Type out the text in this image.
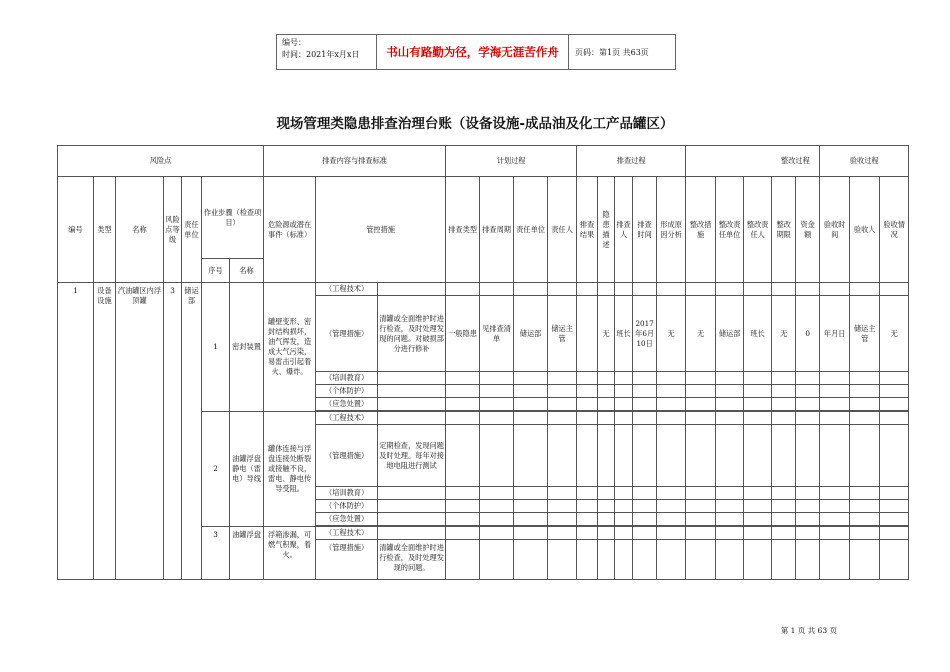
编号：
时间：2021年x月x日	书山有路勤为径，学海无涯苦作舟	页码：第1页 共63页
现场管理类隐患排查治理台账（设备设施-成品油及化工产品罐区）
风险点							排查内容与排查标准			计划过程				排查过程								整改过程		验收过程		
编号	类型	名称	风险点等级	责任单位	作业步骤（检查项目）		危险源或潜在事件（标准）	管控措施		排查类型	排查周期	责任单位	责任人	排查结果	隐患描述	排查人	排查时间	形成原因分析	整改措施	整改责任单位	整改责任人	整改期限	资金额	验收时间	验收人	验收情况
					序号	名称																				
1	设备设施	汽油罐区内浮顶罐	3	储运部	1	密封装置	罐壁变形、密封结构损坏，油气挥发，造成大气污染，易雷击引起着火、爆炸。	（工程技术）																		
								（管理措施）	清罐或全面维护时进行检查，及时处理发现的问题。对破损部分进行修补	一般隐患	见排查清单	储运部	储运主管		无	班长	2017年6月10日	无	无	储运部	班长	无	0	年月日	储运主管	无
								（培训教育）																		
								（个体防护）																		
								（应急处置）																		

					2	油罐浮盘静电（雷电）导线	罐体连接与浮盘连接处断裂或接触不良，雷电、静电传导受阻。	（工程技术）																		
								（管理措施）	定期检查，发现问题及时处理。每年对接地电阻进行测试																	
								（培训教育）																		
								（个体防护）																		
								（应急处置）																		

					3	油罐浮盘	浮箱渗漏，可燃气积聚，着火。	（工程技术）																		
								（管理措施）	清罐或全面维护时进行检查，及时处理发现的问题。																	
第 1 页 共 63 页
